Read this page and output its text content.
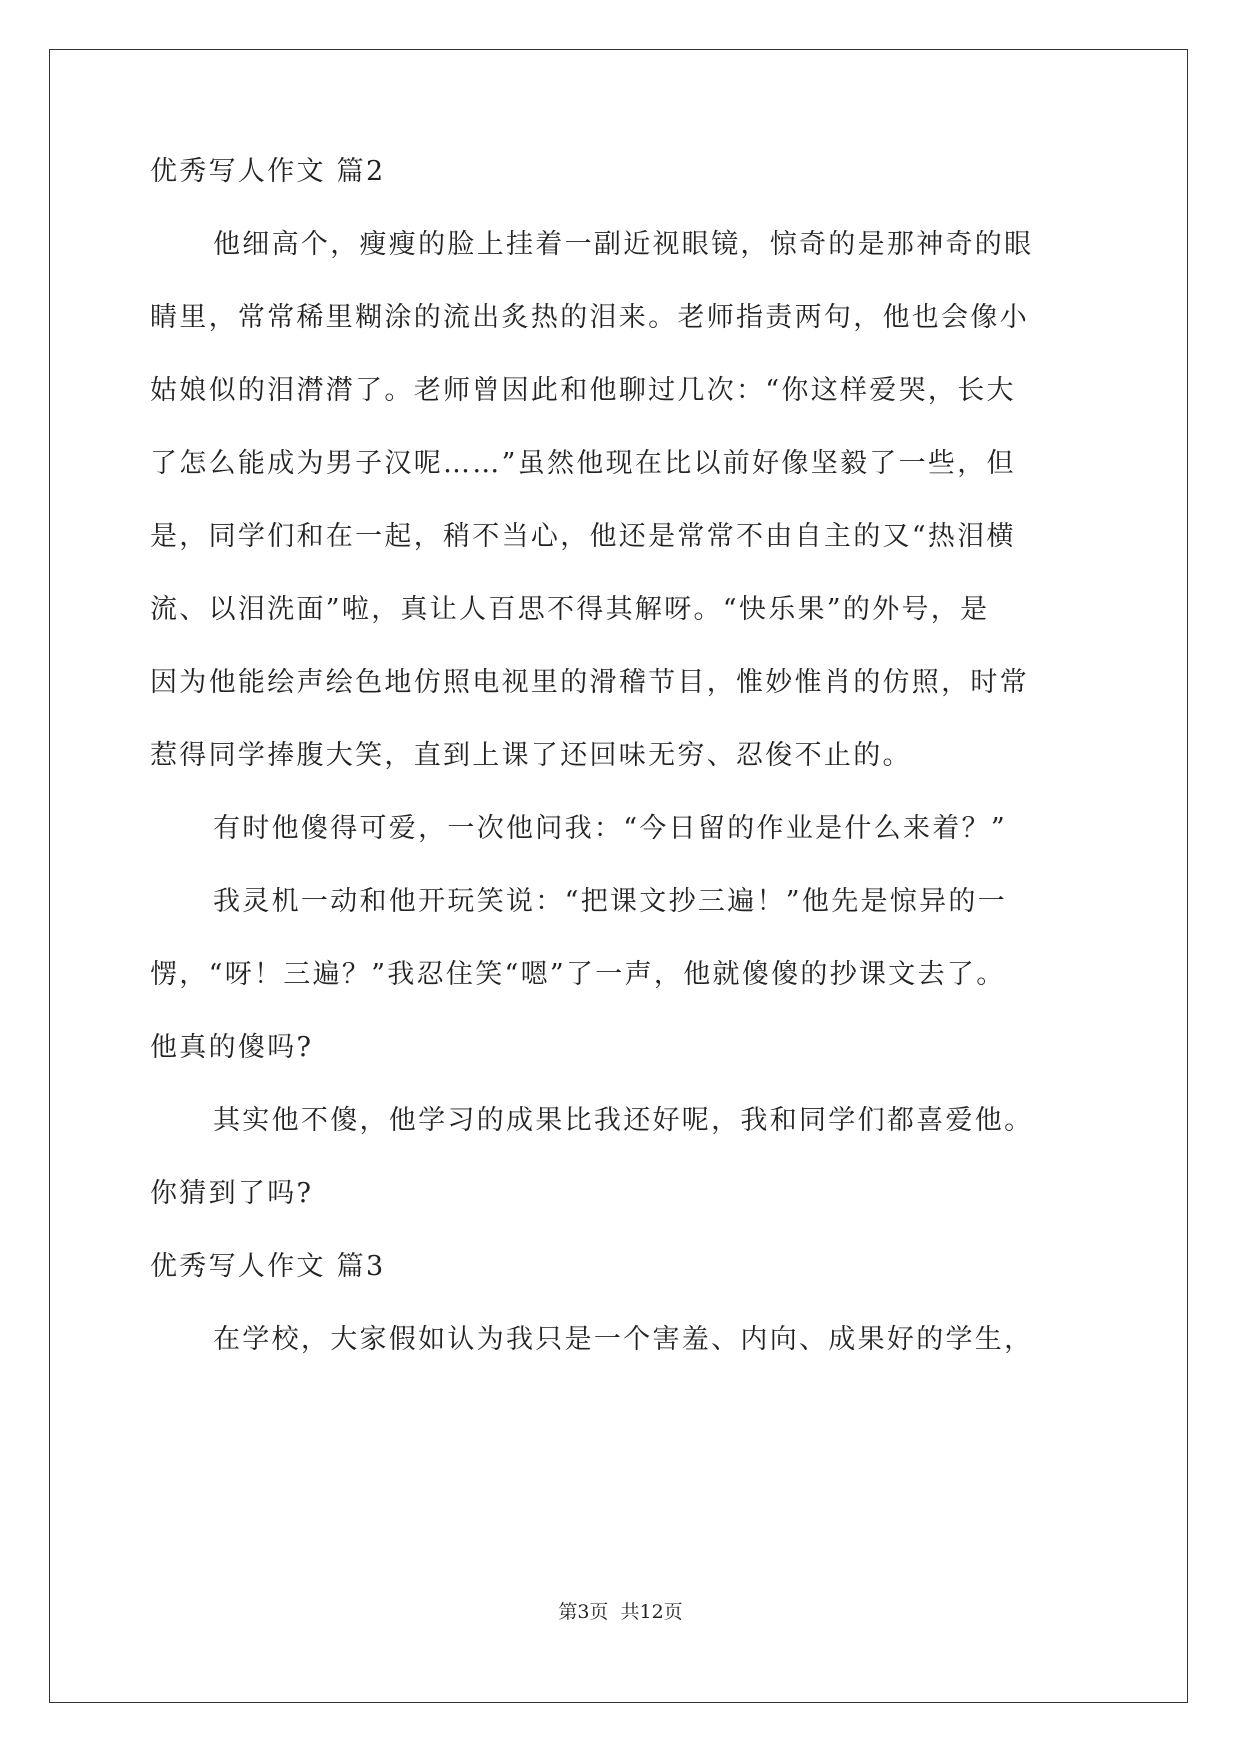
优秀写人作文 篇2
他细高个，瘦瘦的脸上挂着一副近视眼镜，惊奇的是那神奇的眼
睛里，常常稀里糊涂的流出炙热的泪来。老师指责两句，他也会像小
姑娘似的泪潸潸了。老师曾因此和他聊过几次：“你这样爱哭，长大
了怎么能成为男子汉呢……”虽然他现在比以前好像坚毅了一些，但
是，同学们和在一起，稍不当心，他还是常常不由自主的又“热泪横
流、以泪洗面”啦，真让人百思不得其解呀。“快乐果”的外号，是
因为他能绘声绘色地仿照电视里的滑稽节目，惟妙惟肖的仿照，时常
惹得同学捧腹大笑，直到上课了还回味无穷、忍俊不止的。
有时他傻得可爱，一次他问我：“今日留的作业是什么来着？”
我灵机一动和他开玩笑说：“把课文抄三遍！”他先是惊异的一
愣，“呀！三遍？”我忍住笑“嗯”了一声，他就傻傻的抄课文去了。
他真的傻吗?
其实他不傻，他学习的成果比我还好呢，我和同学们都喜爱他。
你猜到了吗?
优秀写人作文 篇3
在学校，大家假如认为我只是一个害羞、内向、成果好的学生，
第3页  共12页
